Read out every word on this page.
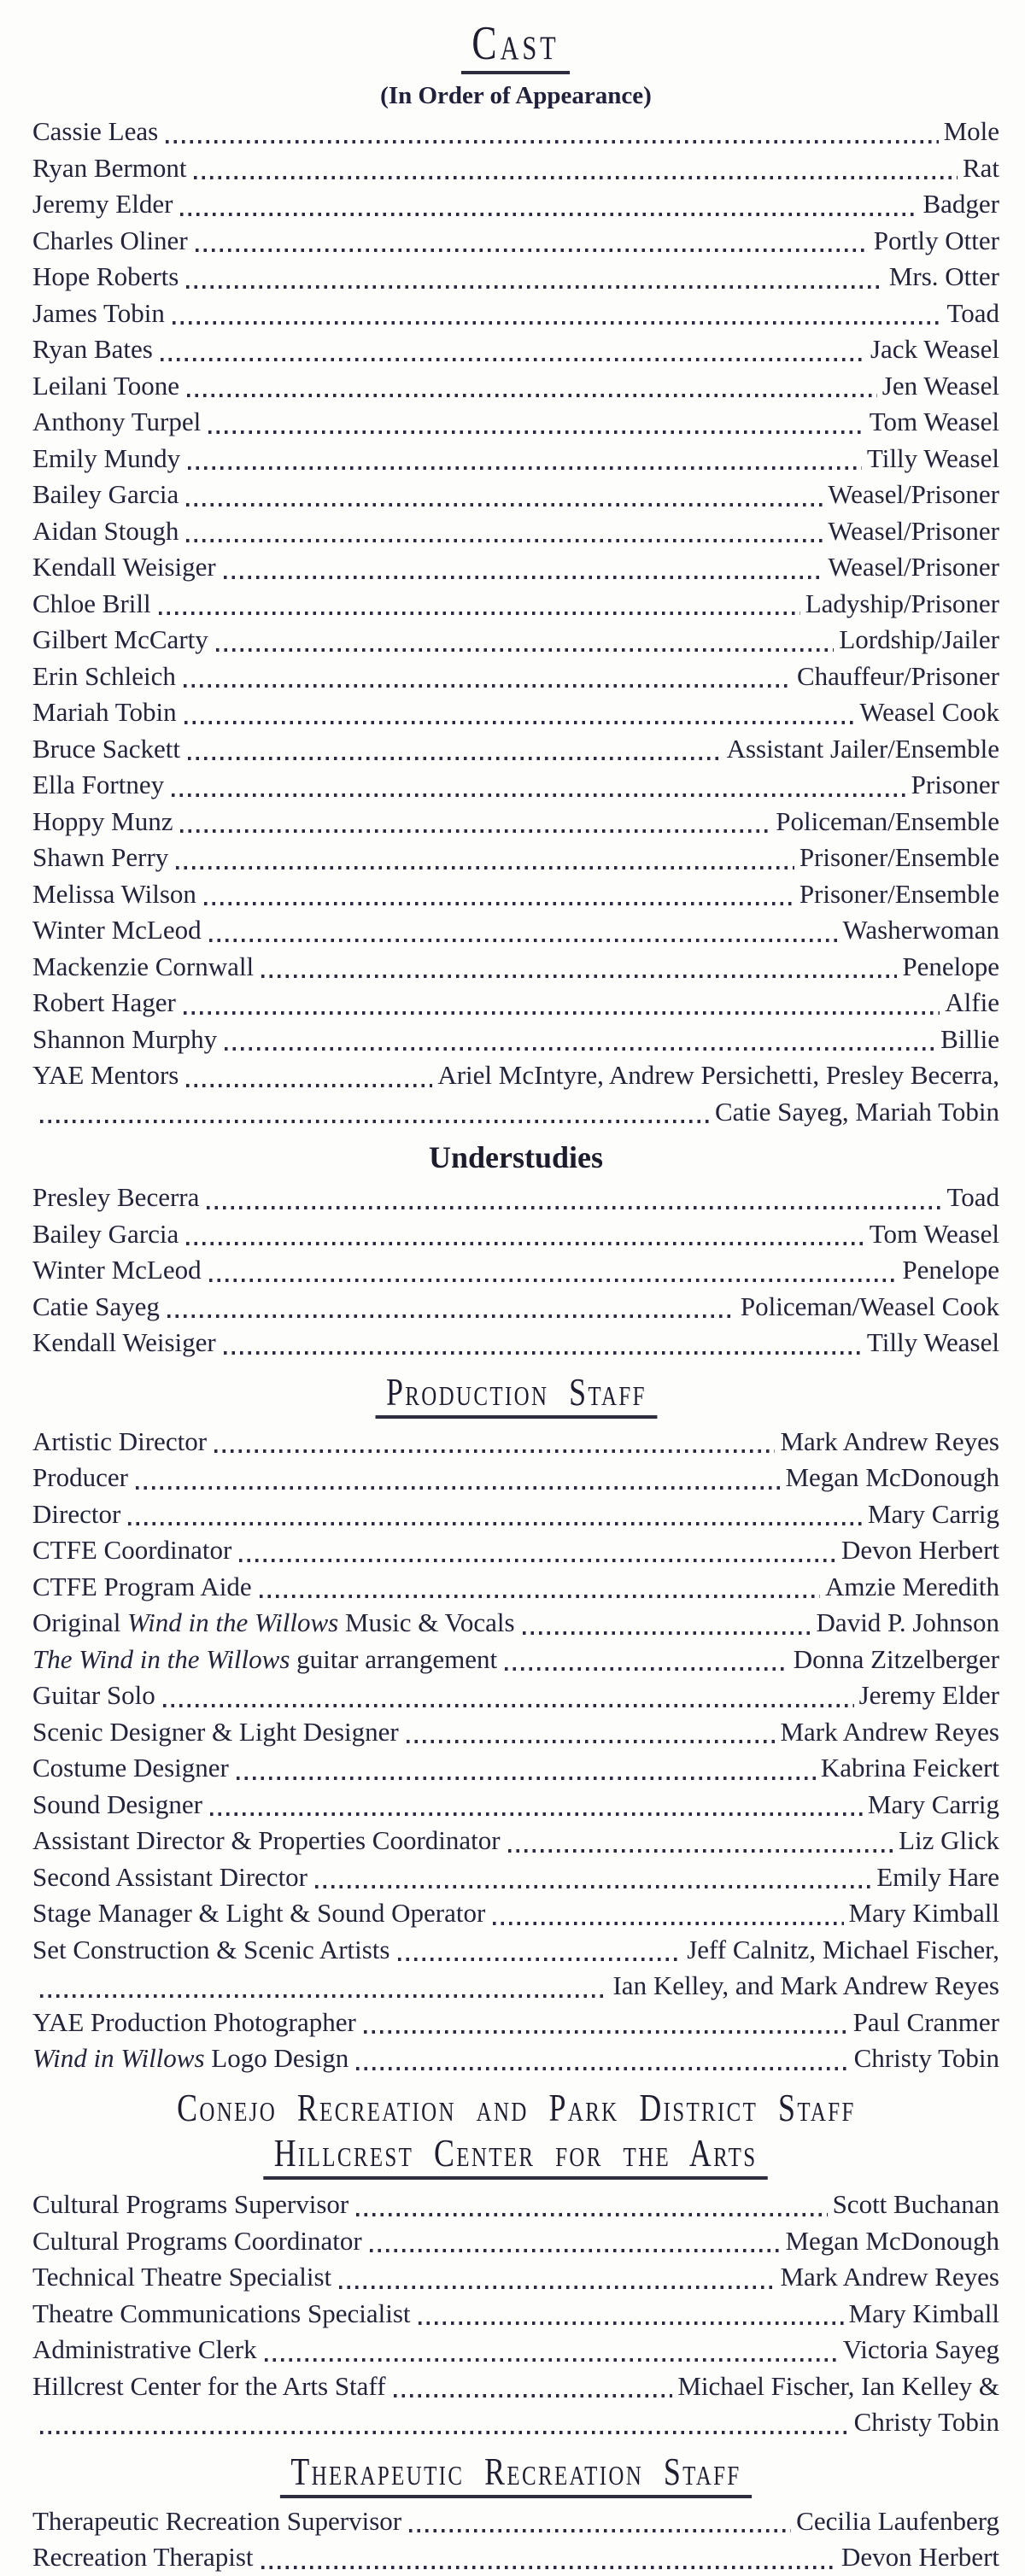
Cast
(In Order of Appearance)
Cassie Leas	Mole
Ryan Bermont	Rat
Jeremy Elder	Badger
Charles Oliner	Portly Otter
Hope Roberts	Mrs. Otter
James Tobin	Toad
Ryan Bates	Jack Weasel
Leilani Toone	Jen Weasel
Anthony Turpel	Tom Weasel
Emily Mundy	Tilly Weasel
Bailey Garcia	Weasel/Prisoner
Aidan Stough	Weasel/Prisoner
Kendall Weisiger	Weasel/Prisoner
Chloe Brill	Ladyship/Prisoner
Gilbert McCarty	Lordship/Jailer
Erin Schleich	Chauffeur/Prisoner
Mariah Tobin	Weasel Cook
Bruce Sackett	Assistant Jailer/Ensemble
Ella Fortney	Prisoner
Hoppy Munz	Policeman/Ensemble
Shawn Perry	Prisoner/Ensemble
Melissa Wilson	Prisoner/Ensemble
Winter McLeod	Washerwoman
Mackenzie Cornwall	Penelope
Robert Hager	Alfie
Shannon Murphy	Billie
YAE Mentors	Ariel McIntyre, Andrew Persichetti, Presley Becerra,
Catie Sayeg, Mariah Tobin
Understudies
Presley Becerra	Toad
Bailey Garcia	Tom Weasel
Winter McLeod	Penelope
Catie Sayeg	Policeman/Weasel Cook
Kendall Weisiger	Tilly Weasel
Production Staff
Artistic Director	Mark Andrew Reyes
Producer	Megan McDonough
Director	Mary Carrig
CTFE Coordinator	Devon Herbert
CTFE Program Aide	Amzie Meredith
Original Wind in the Willows Music & Vocals	David P. Johnson
The Wind in the Willows guitar arrangement	Donna Zitzelberger
Guitar Solo	Jeremy Elder
Scenic Designer & Light Designer	Mark Andrew Reyes
Costume Designer	Kabrina Feickert
Sound Designer	Mary Carrig
Assistant Director & Properties Coordinator	Liz Glick
Second Assistant Director	Emily Hare
Stage Manager & Light & Sound Operator	Mary Kimball
Set Construction & Scenic Artists	Jeff Calnitz, Michael Fischer,
Ian Kelley, and Mark Andrew Reyes
YAE Production Photographer	Paul Cranmer
Wind in Willows Logo Design	Christy Tobin
Conejo Recreation and Park District Staff
Hillcrest Center for the Arts
Cultural Programs Supervisor	Scott Buchanan
Cultural Programs Coordinator	Megan McDonough
Technical Theatre Specialist	Mark Andrew Reyes
Theatre Communications Specialist	Mary Kimball
Administrative Clerk	Victoria Sayeg
Hillcrest Center for the Arts Staff	Michael Fischer, Ian Kelley &
Christy Tobin
Therapeutic Recreation Staff
Therapeutic Recreation Supervisor	Cecilia Laufenberg
Recreation Therapist	Devon Herbert
